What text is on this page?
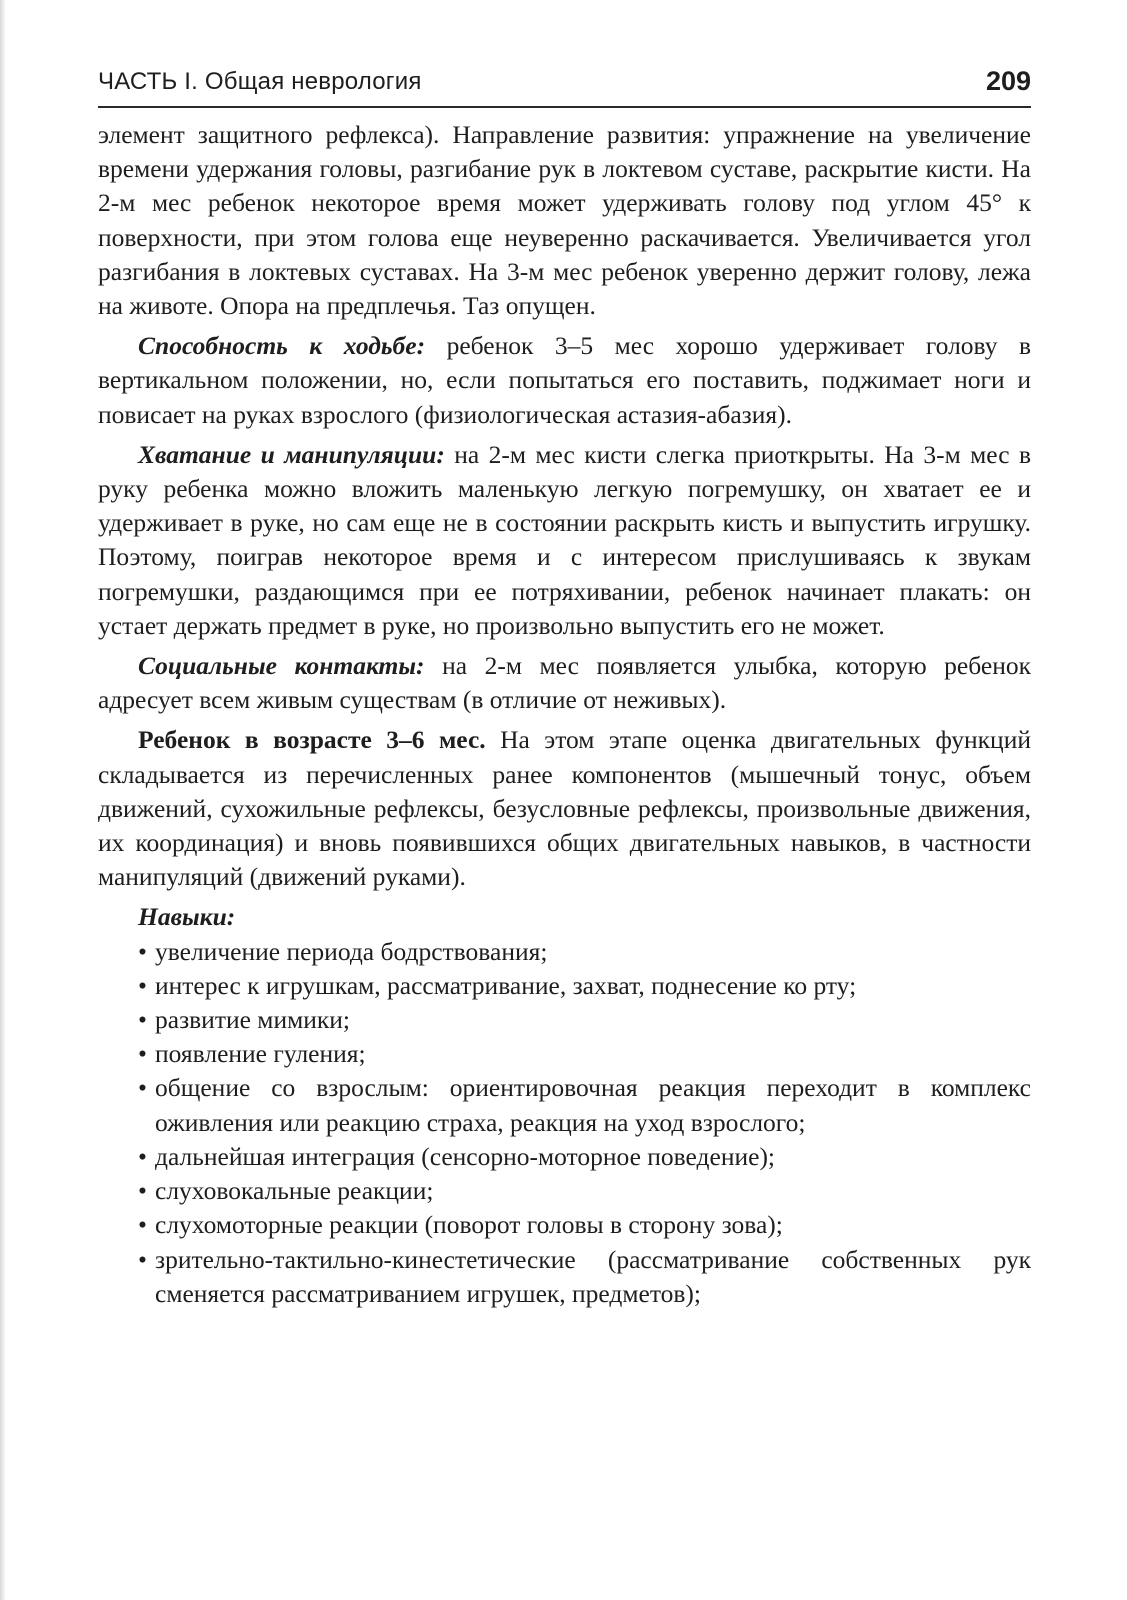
ЧАСТЬ I. Общая неврология	209

элемент защитного рефлекса). Направление развития: упражнение на увеличение времени удержания головы, разгибание рук в локтевом суставе, раскрытие кисти. На 2-м мес ребенок некоторое время может удерживать голову под углом 45° к поверхности, при этом голова еще неуверенно раскачивается. Увеличивается угол разгибания в локтевых суставах. На 3-м мес ребенок уверенно держит голову, лежа на животе. Опора на предплечья. Таз опущен.

Способность к ходьбе: ребенок 3–5 мес хорошо удерживает голову в вертикальном положении, но, если попытаться его поставить, поджимает ноги и повисает на руках взрослого (физиологическая астазия-абазия).

Хватание и манипуляции: на 2-м мес кисти слегка приоткрыты. На 3-м мес в руку ребенка можно вложить маленькую легкую погремушку, он хватает ее и удерживает в руке, но сам еще не в состоянии раскрыть кисть и выпустить игрушку. Поэтому, поиграв некоторое время и с интересом прислушиваясь к звукам погремушки, раздающимся при ее потряхивании, ребенок начинает плакать: он устает держать предмет в руке, но произвольно выпустить его не может.

Социальные контакты: на 2-м мес появляется улыбка, которую ребенок адресует всем живым существам (в отличие от неживых).

Ребенок в возрасте 3–6 мес. На этом этапе оценка двигательных функций складывается из перечисленных ранее компонентов (мышечный тонус, объем движений, сухожильные рефлексы, безусловные рефлексы, произвольные движения, их координация) и вновь появившихся общих двигательных навыков, в частности манипуляций (движений руками).

Навыки:

• увеличение периода бодрствования;
• интерес к игрушкам, рассматривание, захват, поднесение ко рту;
• развитие мимики;
• появление гуления;
• общение со взрослым: ориентировочная реакция переходит в комплекс оживления или реакцию страха, реакция на уход взрослого;
• дальнейшая интеграция (сенсорно-моторное поведение);
• слуховокальные реакции;
• слухомоторные реакции (поворот головы в сторону зова);
• зрительно-тактильно-кинестетические (рассматривание собственных рук сменяется рассматриванием игрушек, предметов);
